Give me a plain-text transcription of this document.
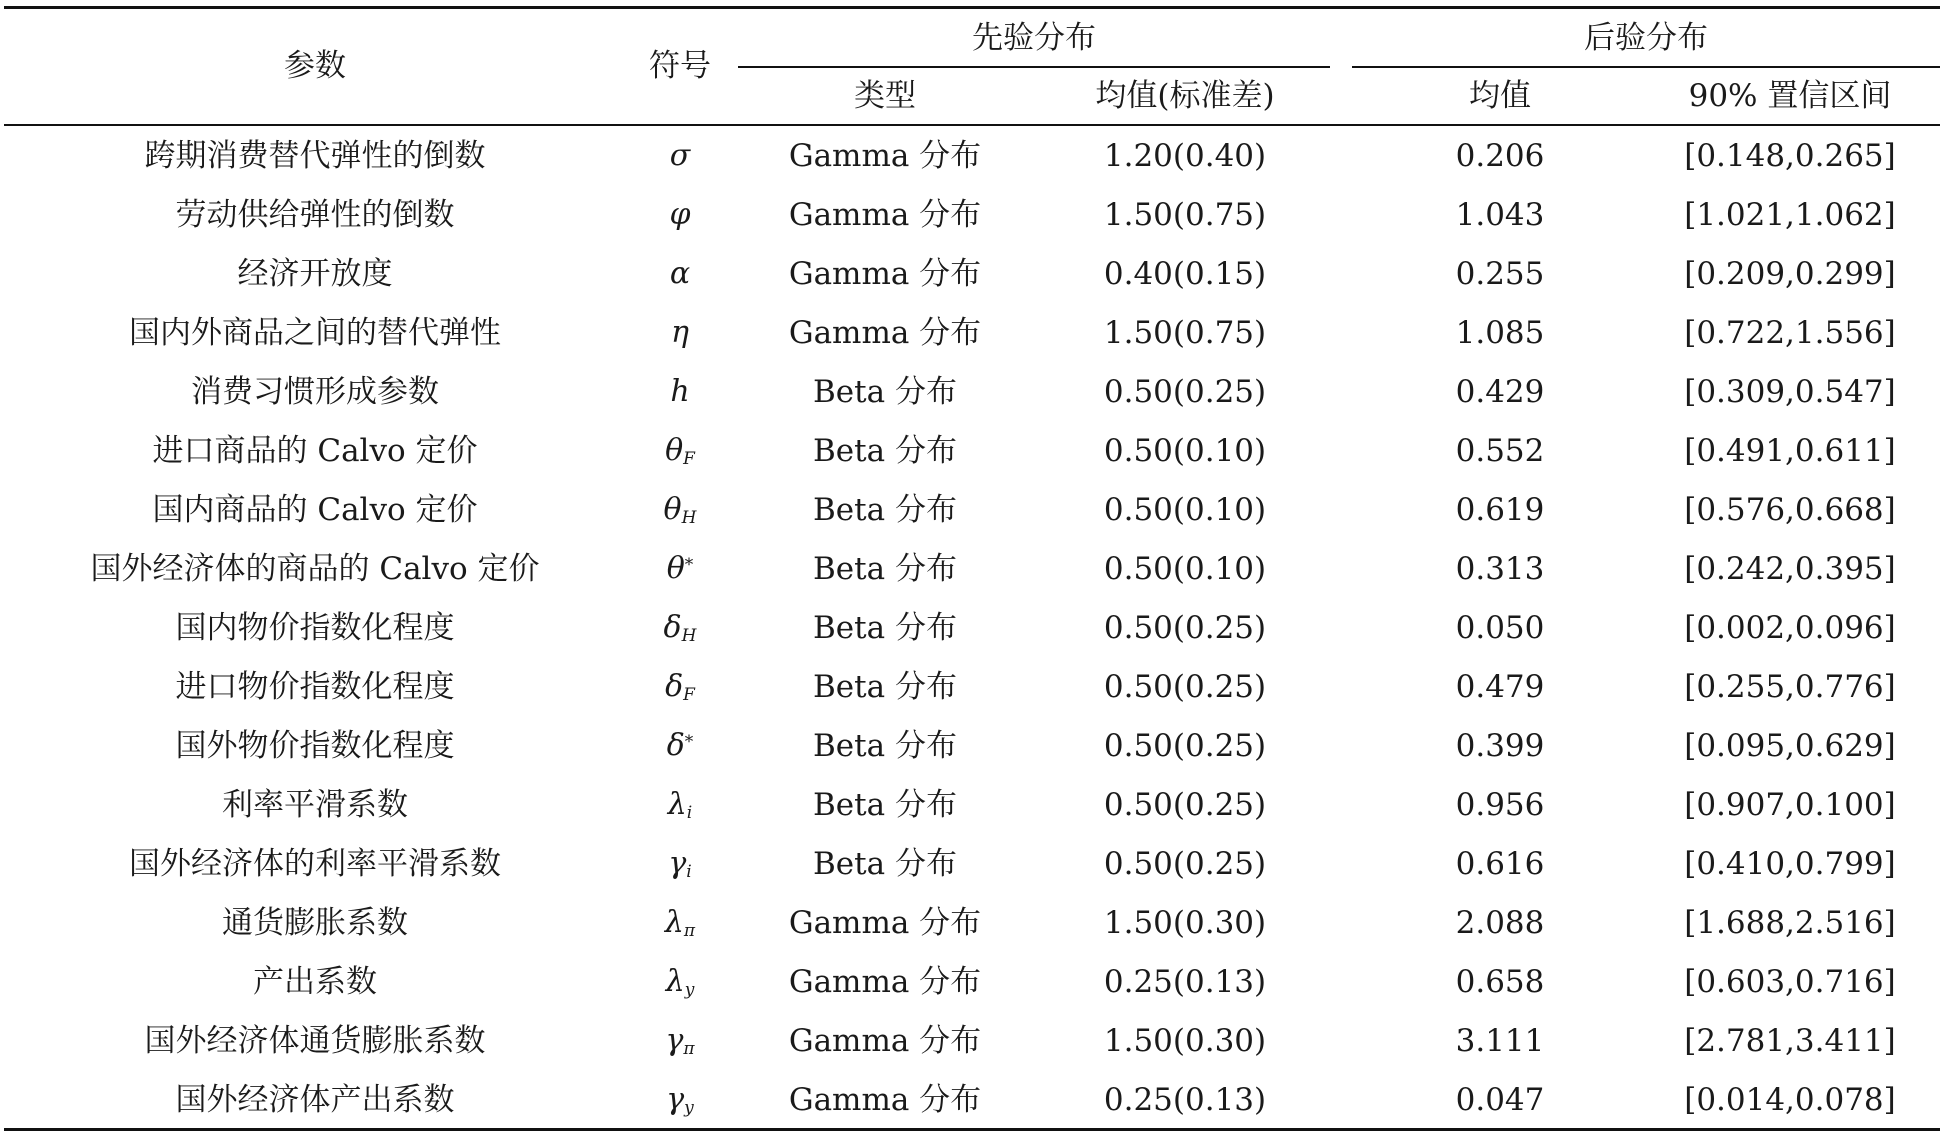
参数	符号
先验分布	后验分布
类型	均值(标准差)	均值	90% 置信区间
跨期消费替代弹性的倒数	σ	Gamma 分布	1.20(0.40)	0.206	[0.148,0.265]
劳动供给弹性的倒数	φ	Gamma 分布	1.50(0.75)	1.043	[1.021,1.062]
经济开放度	α	Gamma 分布	0.40(0.15)	0.255	[0.209,0.299]
国内外商品之间的替代弹性	η	Gamma 分布	1.50(0.75)	1.085	[0.722,1.556]
消费习惯形成参数	h	Beta 分布	0.50(0.25)	0.429	[0.309,0.547]
进口商品的 Calvo 定价	$\theta_F$	Beta 分布	0.50(0.10)	0.552	[0.491,0.611]
国内商品的 Calvo 定价	$\theta_H$	Beta 分布	0.50(0.10)	0.619	[0.576,0.668]
国外经济体的商品的 Calvo 定价	θ*	Beta 分布	0.50(0.10)	0.313	[0.242,0.395]
国内物价指数化程度	$\delta_H$	Beta 分布	0.50(0.25)	0.050	[0.002,0.096]
进口物价指数化程度	$\delta_F$	Beta 分布	0.50(0.25)	0.479	[0.255,0.776]
国外物价指数化程度	δ*	Beta 分布	0.50(0.25)	0.399	[0.095,0.629]
利率平滑系数	$\lambda_i$	Beta 分布	0.50(0.25)	0.956	[0.907,0.100]
国外经济体的利率平滑系数	$\gamma_i$	Beta 分布	0.50(0.25)	0.616	[0.410,0.799]
通货膨胀系数	$\lambda_\pi$	Gamma 分布	1.50(0.30)	2.088	[1.688,2.516]
产出系数	$\lambda_y$	Gamma 分布	0.25(0.13)	0.658	[0.603,0.716]
国外经济体通货膨胀系数	$\gamma_\pi$	Gamma 分布	1.50(0.30)	3.111	[2.781,3.411]
国外经济体产出系数	$\gamma_y$	Gamma 分布	0.25(0.13)	0.047	[0.014,0.078]
